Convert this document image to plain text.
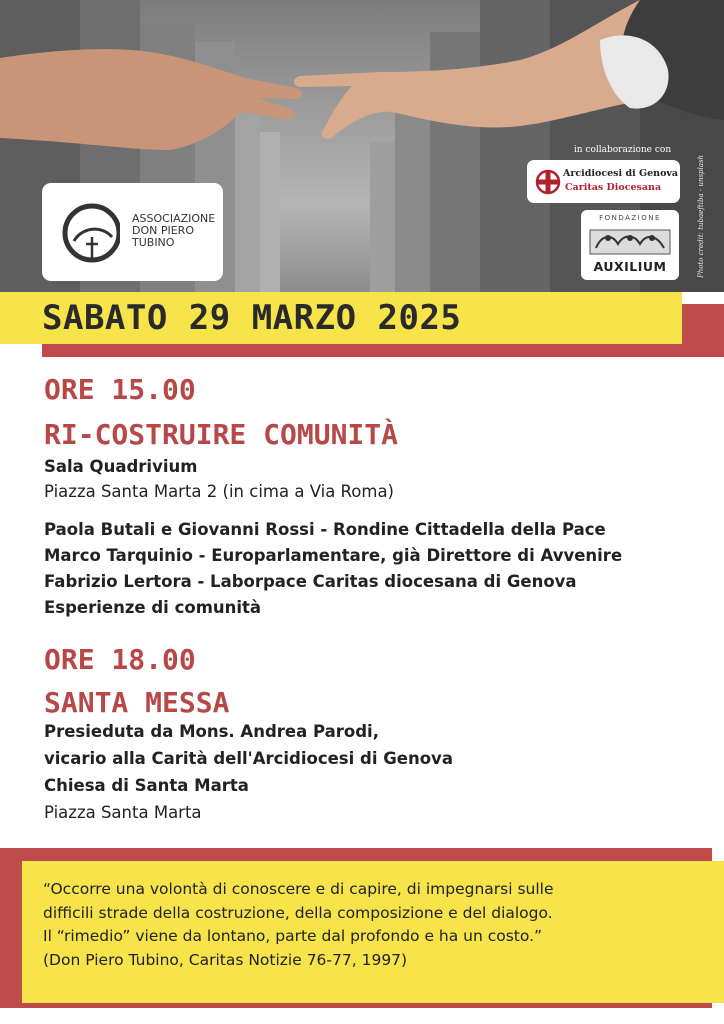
Photo credit: tubaeftiba - unsplash
ASSOCIAZIONE
DON PIERO
TUBINO
in collaborazione con
Arcidiocesi di Genova
Caritas Diocesana
FONDAZIONE
AUXILIUM
SABATO 29 MARZO 2025
ORE 15.00
RI-COSTRUIRE COMUNITÀ
Sala Quadrivium
Piazza Santa Marta 2 (in cima a Via Roma)
Paola Butali e Giovanni Rossi - Rondine Cittadella della Pace
Marco Tarquinio - Europarlamentare, già Direttore di Avvenire
Fabrizio Lertora - Laborpace Caritas diocesana di Genova
Esperienze di comunità
ORE 18.00
SANTA MESSA
Presieduta da Mons. Andrea Parodi,
vicario alla Carità dell'Arcidiocesi di Genova
Chiesa di Santa Marta
Piazza Santa Marta
“Occorre una volontà di conoscere e di capire, di impegnarsi sulle
difficili strade della costruzione, della composizione e del dialogo.
Il “rimedio” viene da lontano, parte dal profondo e ha un costo.”
(Don Piero Tubino, Caritas Notizie 76-77, 1997)
